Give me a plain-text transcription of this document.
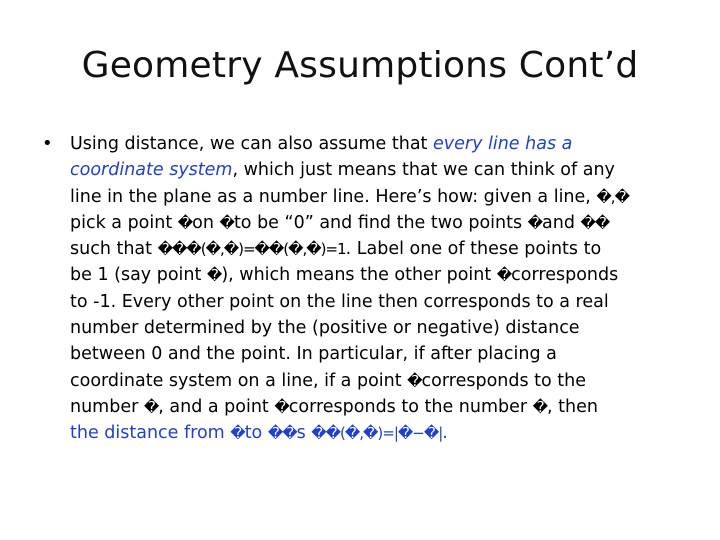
Geometry Assumptions Cont’d
• Using distance, we can also assume that every line has a
coordinate system, which just means that we can think of any
line in the plane as a number line. Here’s how: given a line, �,�
pick a point �on �to be “0” and find the two points �and ��
such that ���(�,�)=��(�,�)=1. Label one of these points to
be 1 (say point �), which means the other point �corresponds
to -1. Every other point on the line then corresponds to a real
number determined by the (positive or negative) distance
between 0 and the point. In particular, if after placing a
coordinate system on a line, if a point �corresponds to the
number �, and a point �corresponds to the number �, then
the distance from �to ��s ��(�,�)=|�−�|.
